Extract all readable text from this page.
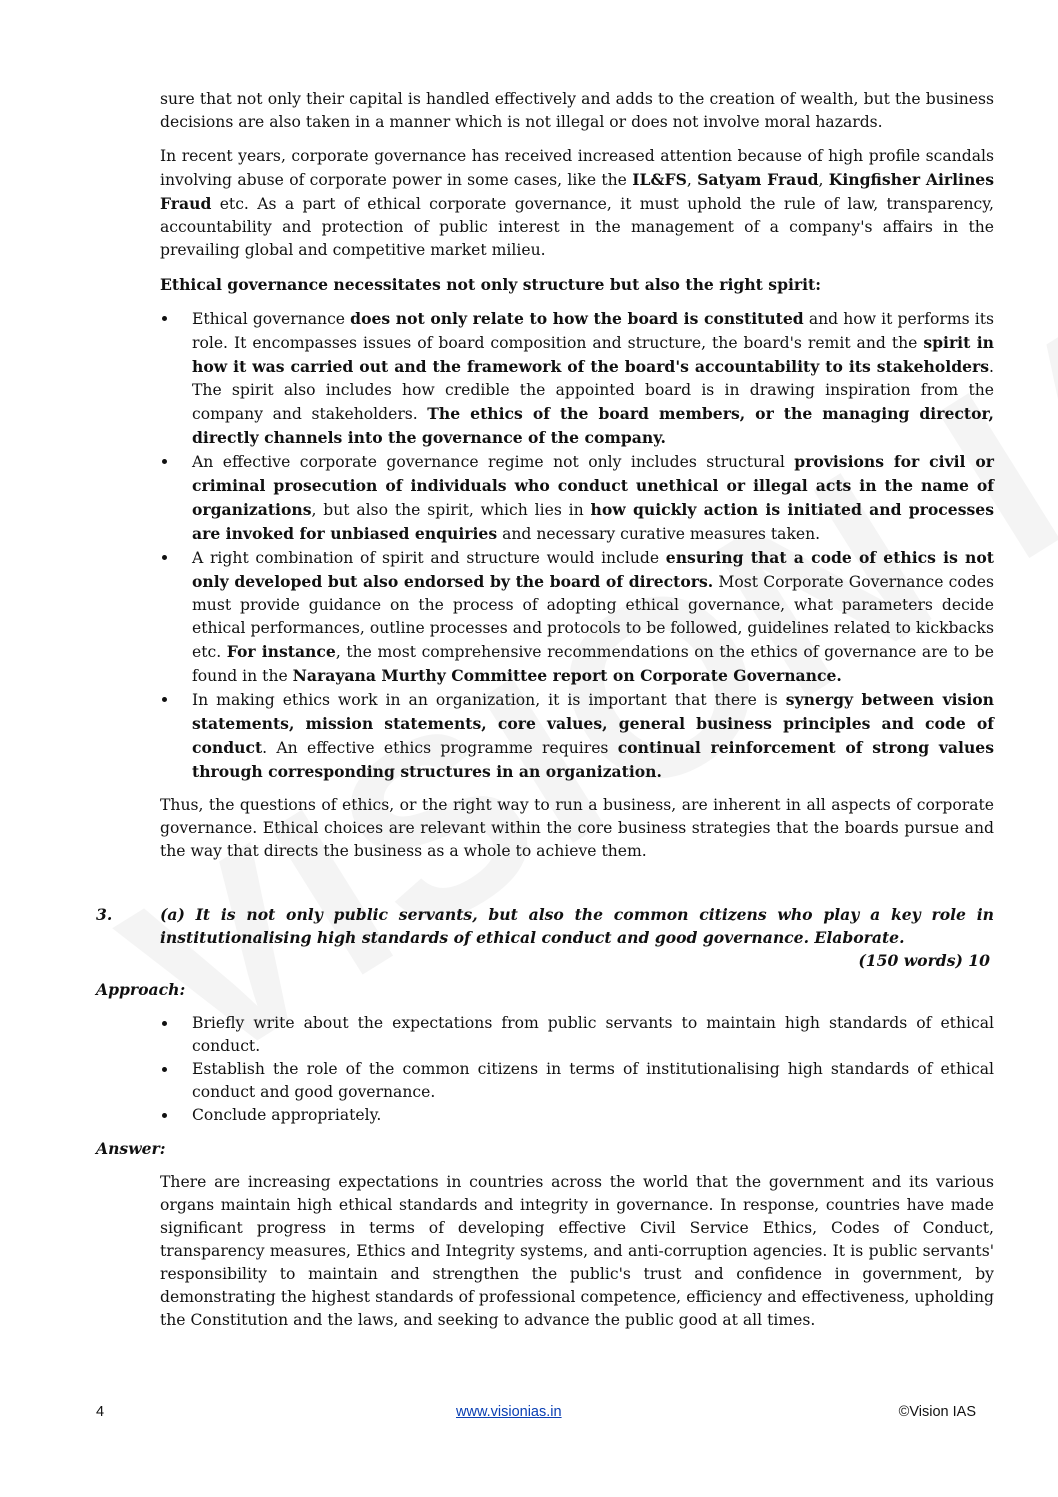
sure that not only their capital is handled effectively and adds to the creation of wealth, but the business decisions are also taken in a manner which is not illegal or does not involve moral hazards.

In recent years, corporate governance has received increased attention because of high profile scandals involving abuse of corporate power in some cases, like the IL&FS, Satyam Fraud, Kingfisher Airlines Fraud etc. As a part of ethical corporate governance, it must uphold the rule of law, transparency, accountability and protection of public interest in the management of a company's affairs in the prevailing global and competitive market milieu.

Ethical governance necessitates not only structure but also the right spirit:

Ethical governance does not only relate to how the board is constituted and how it performs its role. It encompasses issues of board composition and structure, the board's remit and the spirit in how it was carried out and the framework of the board's accountability to its stakeholders. The spirit also includes how credible the appointed board is in drawing inspiration from the company and stakeholders. The ethics of the board members, or the managing director, directly channels into the governance of the company.
An effective corporate governance regime not only includes structural provisions for civil or criminal prosecution of individuals who conduct unethical or illegal acts in the name of organizations, but also the spirit, which lies in how quickly action is initiated and processes are invoked for unbiased enquiries and necessary curative measures taken.
A right combination of spirit and structure would include ensuring that a code of ethics is not only developed but also endorsed by the board of directors. Most Corporate Governance codes must provide guidance on the process of adopting ethical governance, what parameters decide ethical performances, outline processes and protocols to be followed, guidelines related to kickbacks etc. For instance, the most comprehensive recommendations on the ethics of governance are to be found in the Narayana Murthy Committee report on Corporate Governance.
In making ethics work in an organization, it is important that there is synergy between vision statements, mission statements, core values, general business principles and code of conduct. An effective ethics programme requires continual reinforcement of strong values through corresponding structures in an organization.

Thus, the questions of ethics, or the right way to run a business, are inherent in all aspects of corporate governance. Ethical choices are relevant within the core business strategies that the boards pursue and the way that directs the business as a whole to achieve them.

3.	(a) It is not only public servants, but also the common citizens who play a key role in institutionalising high standards of ethical conduct and good governance. Elaborate.
(150 words) 10
Approach:
Briefly write about the expectations from public servants to maintain high standards of ethical conduct.
Establish the role of the common citizens in terms of institutionalising high standards of ethical conduct and good governance.
Conclude appropriately.
Answer:

There are increasing expectations in countries across the world that the government and its various organs maintain high ethical standards and integrity in governance. In response, countries have made significant progress in terms of developing effective Civil Service Ethics, Codes of Conduct, transparency measures, Ethics and Integrity systems, and anti-corruption agencies. It is public servants' responsibility to maintain and strengthen the public's trust and confidence in government, by demonstrating the highest standards of professional competence, efficiency and effectiveness, upholding the Constitution and the laws, and seeking to advance the public good at all times.

4	www.visionias.in	©Vision IAS
